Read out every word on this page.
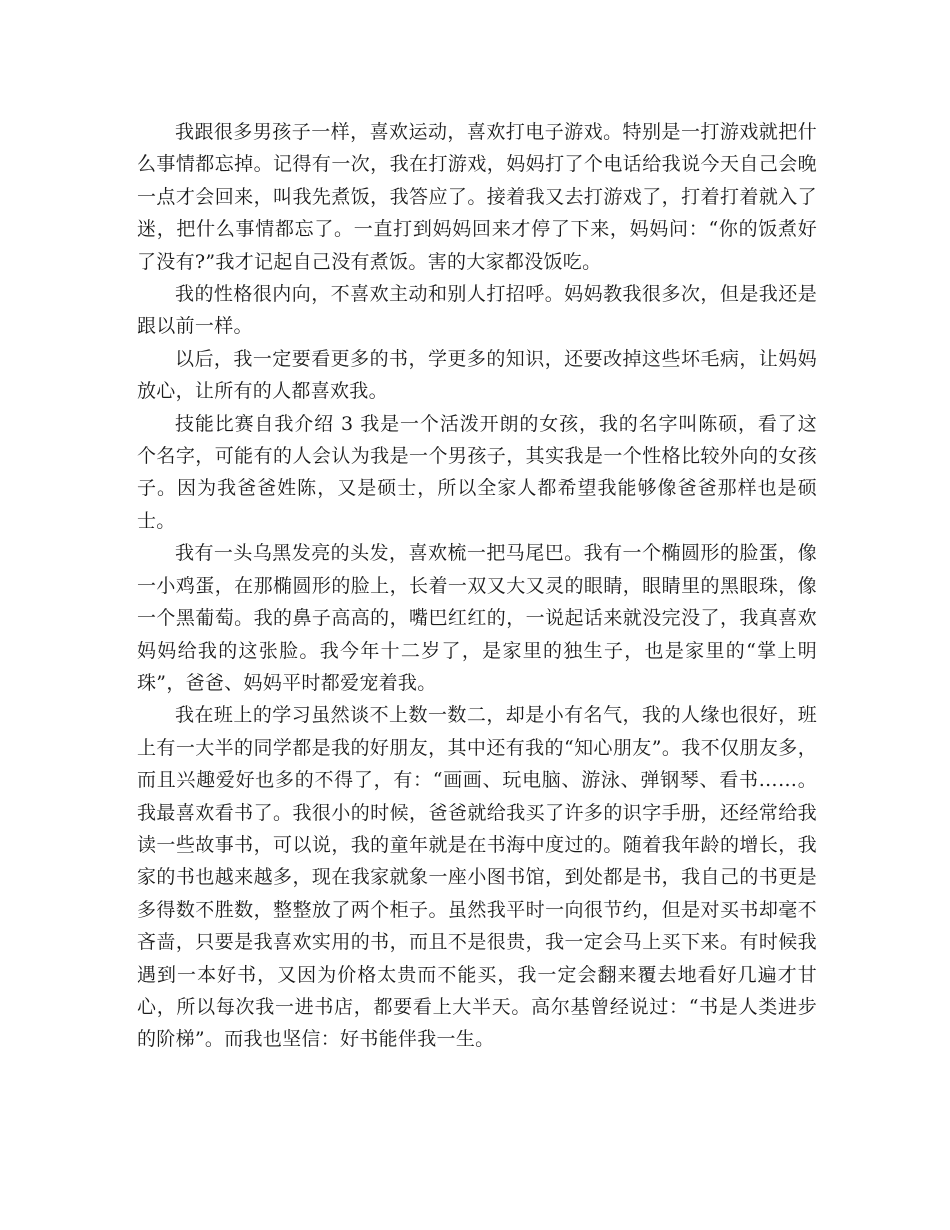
我跟很多男孩子一样，喜欢运动，喜欢打电子游戏。特别是一打游戏就把什么事情都忘掉。记得有一次，我在打游戏，妈妈打了个电话给我说今天自己会晚一点才会回来，叫我先煮饭，我答应了。接着我又去打游戏了，打着打着就入了迷，把什么事情都忘了。一直打到妈妈回来才停了下来，妈妈问：“你的饭煮好了没有?”我才记起自己没有煮饭。害的大家都没饭吃。

我的性格很内向，不喜欢主动和别人打招呼。妈妈教我很多次，但是我还是跟以前一样。

以后，我一定要看更多的书，学更多的知识，还要改掉这些坏毛病，让妈妈放心，让所有的人都喜欢我。

技能比赛自我介绍 3 我是一个活泼开朗的女孩，我的名字叫陈硕，看了这个名字，可能有的人会认为我是一个男孩子，其实我是一个性格比较外向的女孩子。因为我爸爸姓陈，又是硕士，所以全家人都希望我能够像爸爸那样也是硕士。

我有一头乌黑发亮的头发，喜欢梳一把马尾巴。我有一个椭圆形的脸蛋，像一小鸡蛋，在那椭圆形的脸上，长着一双又大又灵的眼睛，眼睛里的黑眼珠，像一个黑葡萄。我的鼻子高高的，嘴巴红红的，一说起话来就没完没了，我真喜欢妈妈给我的这张脸。我今年十二岁了，是家里的独生子，也是家里的“掌上明珠”，爸爸、妈妈平时都爱宠着我。

我在班上的学习虽然谈不上数一数二，却是小有名气，我的人缘也很好，班上有一大半的同学都是我的好朋友，其中还有我的“知心朋友”。我不仅朋友多，而且兴趣爱好也多的不得了，有：“画画、玩电脑、游泳、弹钢琴、看书……。我最喜欢看书了。我很小的时候，爸爸就给我买了许多的识字手册，还经常给我读一些故事书，可以说，我的童年就是在书海中度过的。随着我年龄的增长，我家的书也越来越多，现在我家就象一座小图书馆，到处都是书，我自己的书更是多得数不胜数，整整放了两个柜子。虽然我平时一向很节约，但是对买书却毫不吝啬，只要是我喜欢实用的书，而且不是很贵，我一定会马上买下来。有时候我遇到一本好书，又因为价格太贵而不能买，我一定会翻来覆去地看好几遍才甘心，所以每次我一进书店，都要看上大半天。高尔基曾经说过：“书是人类进步的阶梯”。而我也坚信：好书能伴我一生。
